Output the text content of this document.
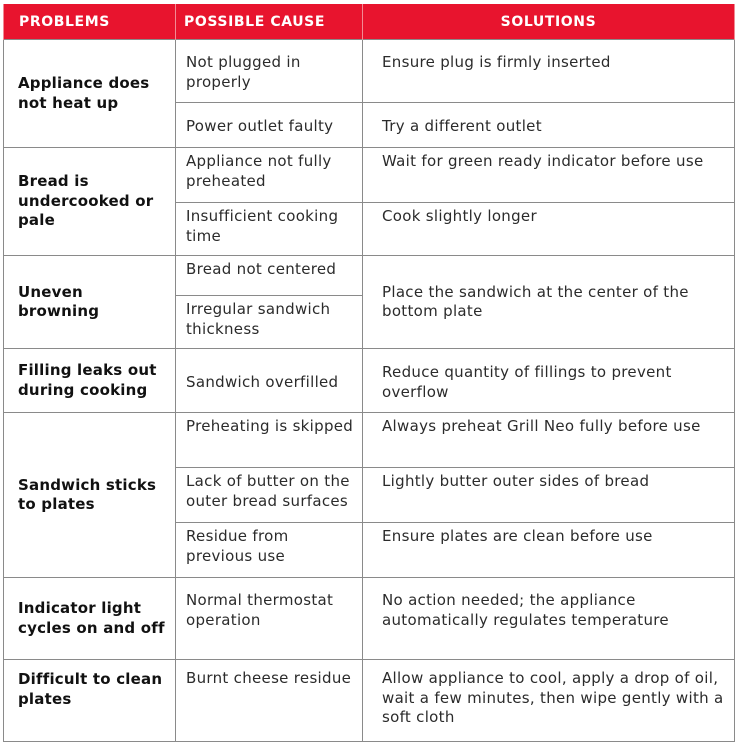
PROBLEMS	POSSIBLE CAUSE	SOLUTIONS
Appliance does not heat up	Not plugged in properly	Ensure plug is firmly inserted
	Power outlet faulty	Try a different outlet
Bread is undercooked or pale	Appliance not fully preheated	Wait for green ready indicator before use
	Insufficient cooking time	Cook slightly longer
Uneven browning	Bread not centered	Place the sandwich at the center of the bottom plate
	Irregular sandwich thickness	
Filling leaks out during cooking	Sandwich overfilled	Reduce quantity of fillings to prevent overflow
Sandwich sticks to plates	Preheating is skipped	Always preheat Grill Neo fully before use
	Lack of butter on the outer bread surfaces	Lightly butter outer sides of bread
	Residue from previous use	Ensure plates are clean before use
Indicator light cycles on and off	Normal thermostat operation	No action needed; the appliance automatically regulates temperature
Difficult to clean plates	Burnt cheese residue	Allow appliance to cool, apply a drop of oil, wait a few minutes, then wipe gently with a soft cloth
